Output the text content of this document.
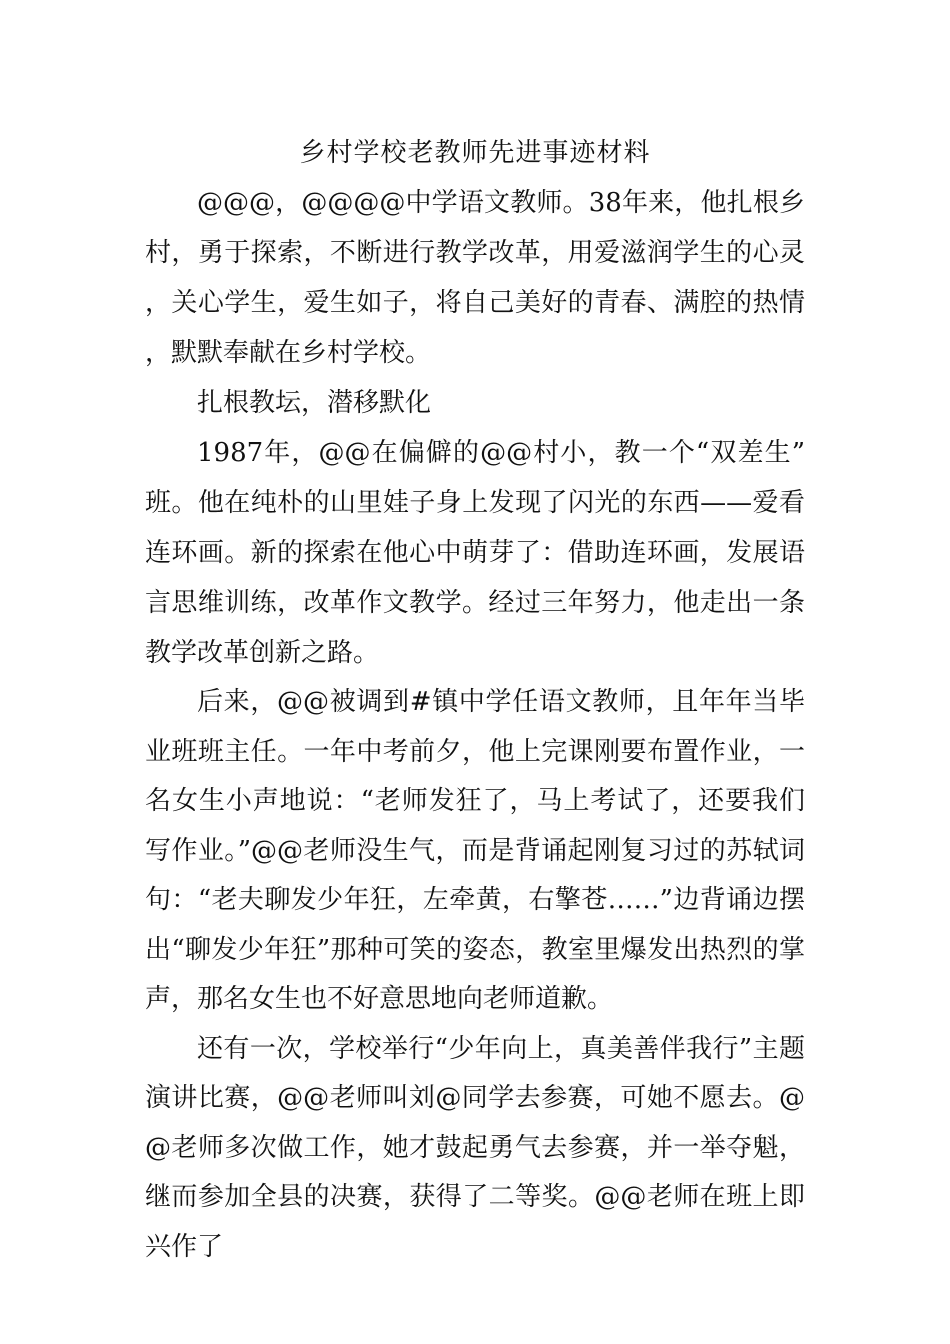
乡村学校老教师先进事迹材料

@@@，@@@@中学语文教师。38年来，他扎根乡村，勇于探索，不断进行教学改革，用爱滋润学生的心灵，关心学生，爱生如子，将自己美好的青春、满腔的热情，默默奉献在乡村学校。

扎根教坛，潜移默化

1987年，@@在偏僻的@@村小，教一个“双差生”班。他在纯朴的山里娃子身上发现了闪光的东西——爱看连环画。新的探索在他心中萌芽了：借助连环画，发展语言思维训练，改革作文教学。经过三年努力，他走出一条教学改革创新之路。

后来，@@被调到#镇中学任语文教师，且年年当毕业班班主任。一年中考前夕，他上完课刚要布置作业，一名女生小声地说：“老师发狂了，马上考试了，还要我们写作业。”@@老师没生气，而是背诵起刚复习过的苏轼词句：“老夫聊发少年狂，左牵黄，右擎苍……”边背诵边摆出“聊发少年狂”那种可笑的姿态，教室里爆发出热烈的掌声，那名女生也不好意思地向老师道歉。

还有一次，学校举行“少年向上，真美善伴我行”主题演讲比赛，@@老师叫刘@同学去参赛，可她不愿去。@@老师多次做工作，她才鼓起勇气去参赛，并一举夺魁，继而参加全县的决赛，获得了二等奖。@@老师在班上即兴作了
